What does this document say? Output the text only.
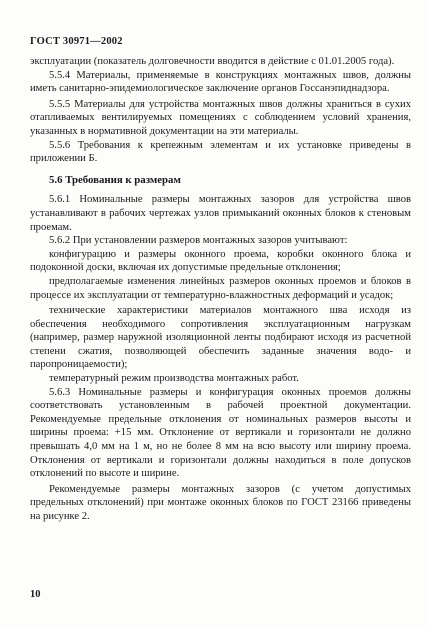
ГОСТ 30971—2002

эксплуатации (показатель долговечности вводится в действие с 01.01.2005 года).

5.5.4 Материалы, применяемые в конструкциях монтажных швов, должны иметь санитарно-эпидемиологическое заключение органов Госсанэпиднадзора.

5.5.5 Материалы для устройства монтажных швов должны храниться в сухих отапливаемых вентилируемых помещениях с соблюдением условий хранения, указанных в нормативной документации на эти материалы.

5.5.6 Требования к крепежным элементам и их установке приведены в приложении Б.

5.6 Требования к размерам

5.6.1 Номинальные размеры монтажных зазоров для устройства швов устанавливают в рабочих чертежах узлов примыканий оконных блоков к стеновым проемам.

5.6.2 При установлении размеров монтажных зазоров учитывают:

конфигурацию и размеры оконного проема, коробки оконного блока и подоконной доски, включая их допустимые предельные отклонения;

предполагаемые изменения линейных размеров оконных проемов и блоков в процессе их эксплуатации от температурно-влажностных деформаций и усадок;

технические характеристики материалов монтажного шва исходя из обеспечения необходимого сопротивления эксплуатационным нагрузкам (например, размер наружной изоляционной ленты подбирают исходя из расчетной степени сжатия, позволяющей обеспечить заданные значения водо- и паропроницаемости);

температурный режим производства монтажных работ.

5.6.3 Номинальные размеры и конфигурация оконных проемов должны соответствовать установленным в рабочей проектной документации. Рекомендуемые предельные отклонения от номинальных размеров высоты и ширины проема: +15 мм. Отклонение от вертикали и горизонтали не должно превышать 4,0 мм на 1 м, но не более 8 мм на всю высоту или ширину проема. Отклонения от вертикали и горизонтали должны находиться в поле допусков отклонений по высоте и ширине.

Рекомендуемые размеры монтажных зазоров (с учетом допустимых предельных отклонений) при монтаже оконных блоков по ГОСТ 23166 приведены на рисунке 2.

10
